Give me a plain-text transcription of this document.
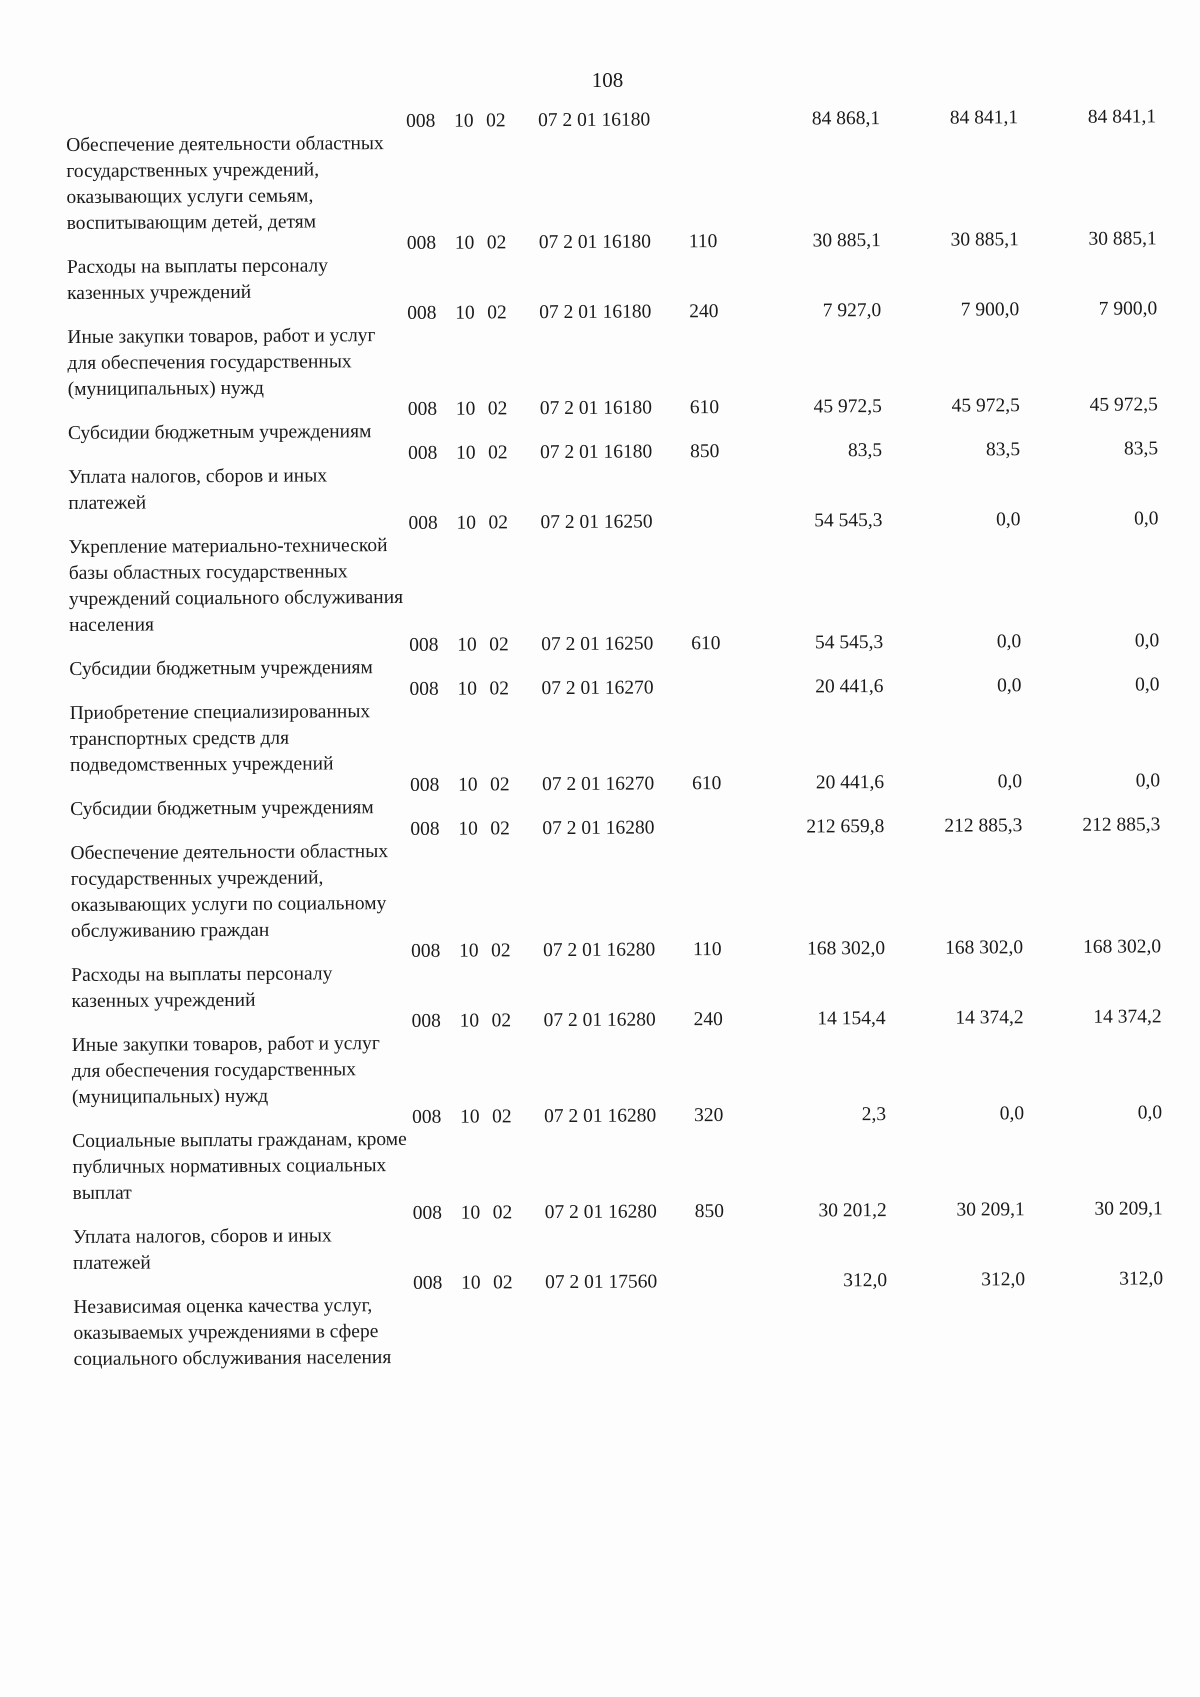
108
Обеспечение деятельности областных государственных учреждений, оказывающих услуги семьям, воспитывающим детей, детям
008 10 02	07 2 01 16180	84 868,1	84 841,1	84 841,1
Расходы на выплаты персоналу казенных учреждений
008 10 02	07 2 01 16180	110	30 885,1	30 885,1	30 885,1
Иные закупки товаров, работ и услуг для обеспечения государственных (муниципальных) нужд
008 10 02	07 2 01 16180	240	7 927,0	7 900,0	7 900,0
Субсидии бюджетным учреждениям
008 10 02	07 2 01 16180	610	45 972,5	45 972,5	45 972,5
Уплата налогов, сборов и иных платежей
008 10 02	07 2 01 16180	850	83,5	83,5	83,5
Укрепление материально-технической базы областных государственных учреждений социального обслуживания населения
008 10 02	07 2 01 16250	54 545,3	0,0	0,0
Субсидии бюджетным учреждениям
008 10 02	07 2 01 16250	610	54 545,3	0,0	0,0
Приобретение специализированных транспортных средств для подведомственных учреждений
008 10 02	07 2 01 16270	20 441,6	0,0	0,0
Субсидии бюджетным учреждениям
008 10 02	07 2 01 16270	610	20 441,6	0,0	0,0
Обеспечение деятельности областных государственных учреждений, оказывающих услуги по социальному обслуживанию граждан
008 10 02	07 2 01 16280	212 659,8	212 885,3	212 885,3
Расходы на выплаты персоналу казенных учреждений
008 10 02	07 2 01 16280	110	168 302,0	168 302,0	168 302,0
Иные закупки товаров, работ и услуг для обеспечения государственных (муниципальных) нужд
008 10 02	07 2 01 16280	240	14 154,4	14 374,2	14 374,2
Социальные выплаты гражданам, кроме публичных нормативных социальных выплат
008 10 02	07 2 01 16280	320	2,3	0,0	0,0
Уплата налогов, сборов и иных платежей
008 10 02	07 2 01 16280	850	30 201,2	30 209,1	30 209,1
Независимая оценка качества услуг, оказываемых учреждениями в сфере социального обслуживания населения
008 10 02	07 2 01 17560	312,0	312,0	312,0
